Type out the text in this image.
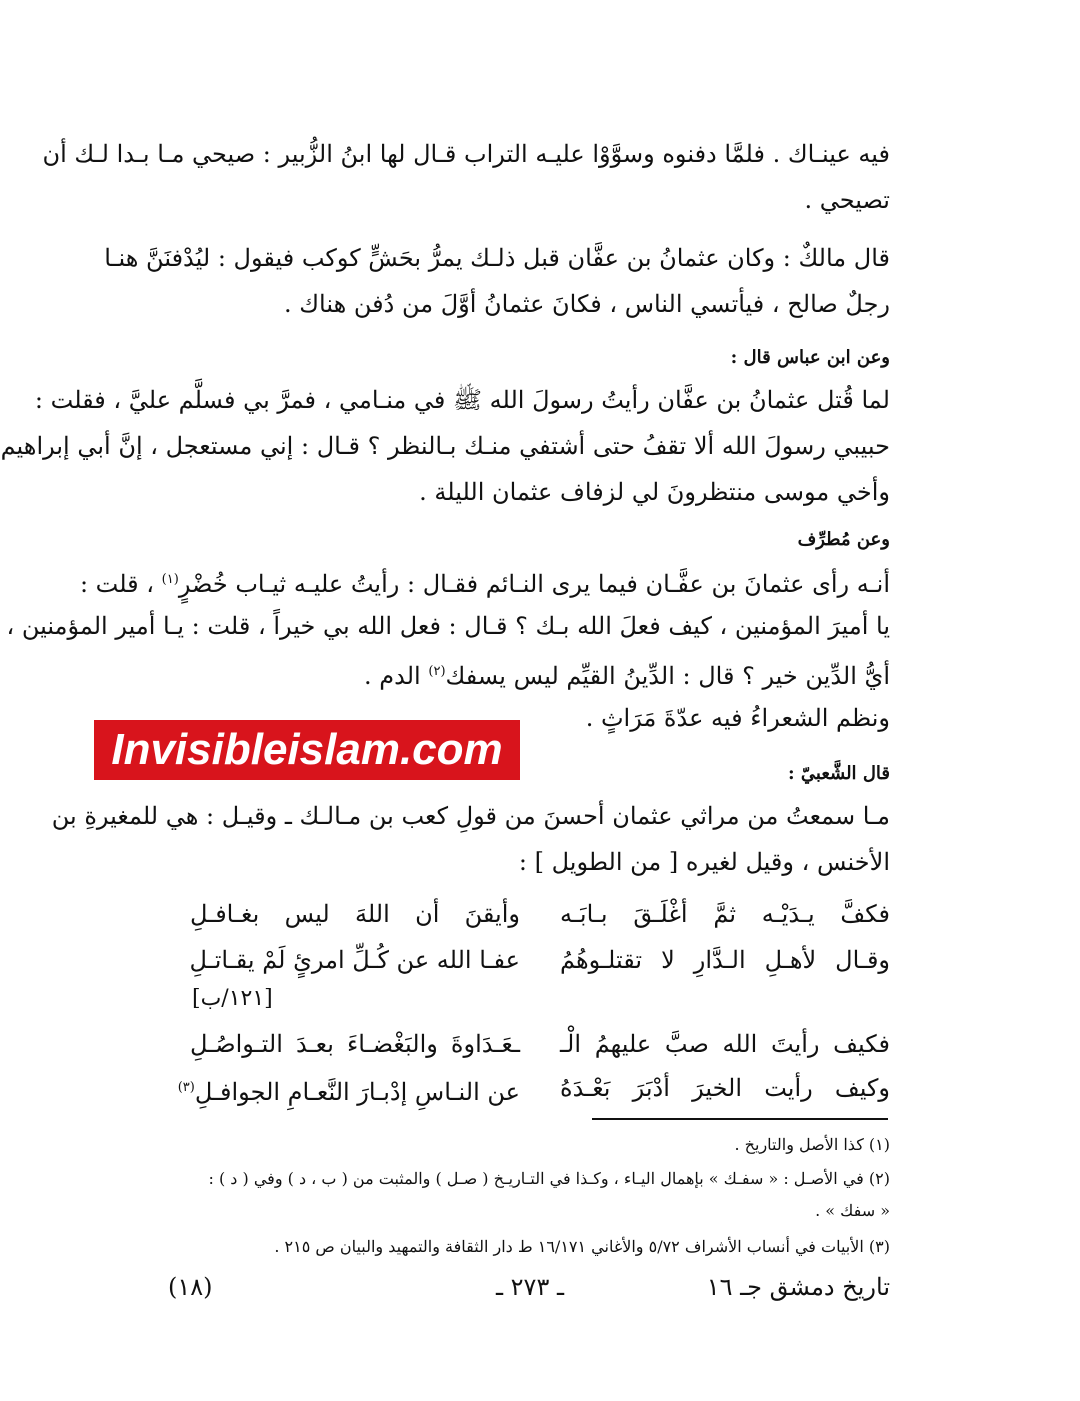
فيه عينـاك . فلمَّا دفنوه وسوَّوْا عليـه التراب قـال لها ابنُ الزُّبير : صيحي مـا بـدا لـك أن
تصيحي .
قال مالكٌ : وكان عثمانُ بن عفَّان قبل ذلـك يمرُّ بحَشٍّ كوكب فيقول : ليُدْفنَنَّ هنـا
رجلٌ صالح ، فيأتسي الناس ، فكانَ عثمانُ أوَّلَ من دُفن هناك .
وعن ابن عباس قال :
لما قُتل عثمانُ بن عفَّان رأيتُ رسولَ الله ﷺ في منـامي ، فمرَّ بي فسلَّم عليَّ ، فقلت :
حبيبي رسولَ الله ألا تقفُ حتى أشتفي منـك بـالنظر ؟ قـال : إني مستعجل ، إنَّ أبي إبراهيم
وأخي موسى منتظرونَ لي لزفاف عثمان الليلة .
وعن مُطرِّف
أنـه رأى عثمانَ بن عفَّـان فيما يرى النـائم فقـال : رأيتُ عليـه ثيـاب خُضْرٍ$^{(١)}$ ، قلت :
يا أميرَ المؤمنين ، كيف فعلَ الله بـك ؟ قـال : فعل الله بي خيراً ، قلت : يـا أمير المؤمنين ،
أيُّ الدِّين خير ؟ قال : الدِّينُ القيِّم ليس يسفك$^{(٢)}$ الدم .
ونظم الشعراءُ فيه عدّةَ مَرَاثٍ .
قال الشَّعبيّ :
مـا سمعتُ من مراثي عثمان أحسنَ من قولِ كعب بن مـالـك ـ وقيـل : هي للمغيرةِ بن
الأخنس ، وقيل لغيره [ من الطويل ] :
فكفَّ يـدَيْـه ثمَّ أغْلَـقَ بـابَـه
وأيقنَ أن اللهَ ليس بغـافـلِ
وقـال لأهـلِ الـدَّارِ لا تقتلـوهُمُ
عفـا الله عن كُـلِّ امرئٍ لَمْ يقـاتـلِ
[١٢١/ب]
فكيف رأيتَ الله صبَّ عليهمُ الْـ
ـعَـدَاوةَ والبَغْضـاءَ بعـدَ التـواصُـلِ
وكيف رأيت الخيرَ أدْبَرَ بَعْـدَهُ
عن النـاسِ إدْبـارَ النَّعـامِ الجوافـلِ$^{(٣)}$
(١) كذا الأصل والتاريخ .
(٢) في الأصـل : « سفـك » بإهمال اليـاء ، وكـذا في التـاريـخ ( صـل ) والمثبت من ( ب ، د ) وفي ( د ) :
« سفك » .
(٣) الأبيات في أنساب الأشراف ٥/٧٢ والأغاني ١٦/١٧١ ط دار الثقافة والتمهيد والبيان ص ٢١٥ .
تاريخ دمشق جـ ١٦
ـ ٢٧٣ ـ
(١٨)
Invisibleislam.com
